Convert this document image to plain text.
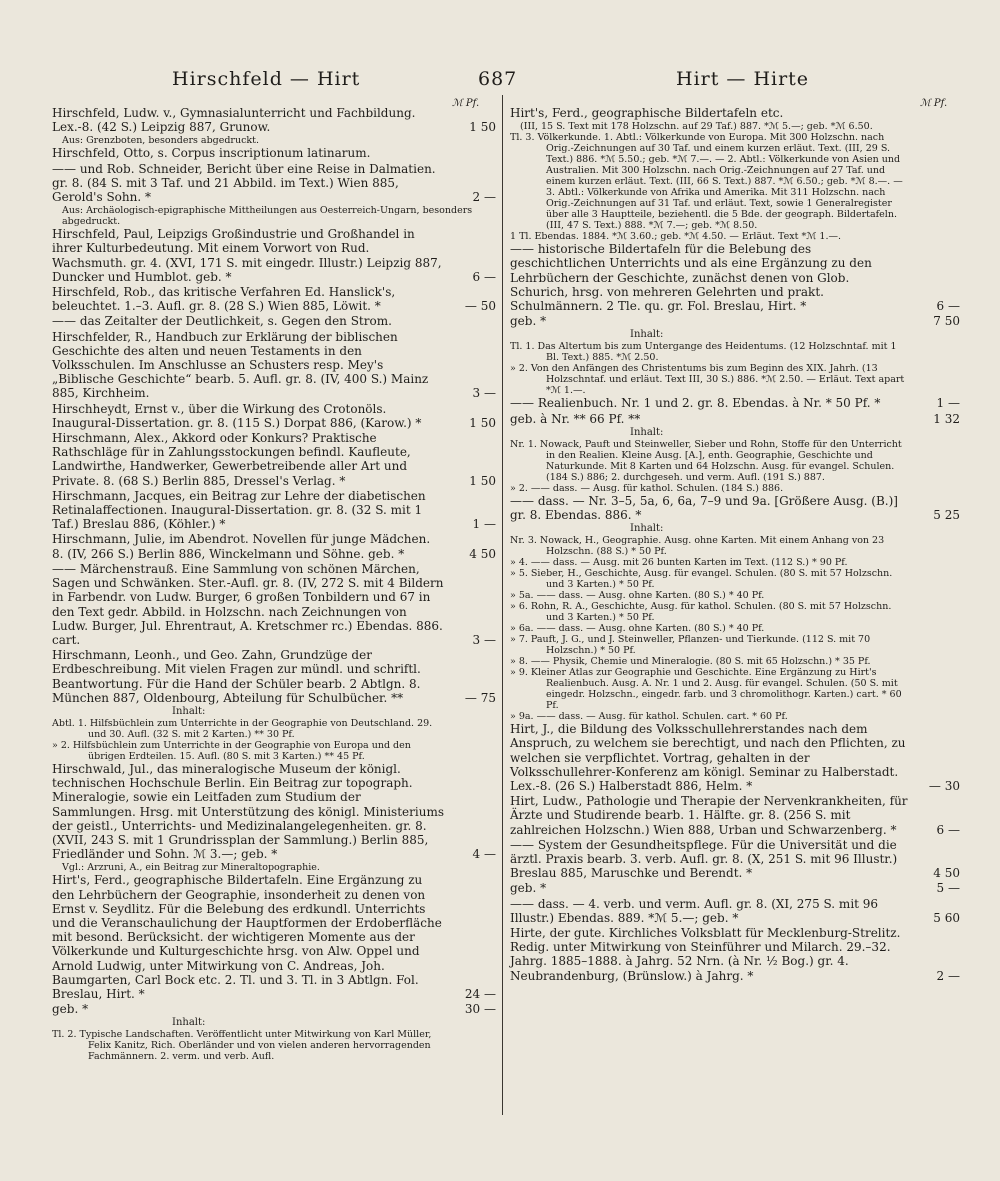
Hirschfeld — Hirt	687	Hirt — Hirte
ℳ Pf.	ℳ Pf.
Hirschfeld, Ludw. v., Gymnasialunterricht und Fachbildung. Lex.-8. (42 S.) Leipzig 887, Grunow.	1 50
Aus: Grenzboten, besonders abgedruckt.
Hirschfeld, Otto, s. Corpus inscriptionum latinarum.
—— und Rob. Schneider, Bericht über eine Reise in Dalmatien. gr. 8. (84 S. mit 3 Taf. und 21 Abbild. im Text.) Wien 885, Gerold's Sohn. *	2 —
Aus: Archäologisch-epigraphische Mittheilungen aus Oesterreich-Ungarn, besonders abgedruckt.
Hirschfeld, Paul, Leipzigs Großindustrie und Großhandel in ihrer Kulturbedeutung. Mit einem Vorwort von Rud. Wachsmuth. gr. 4. (XVI, 171 S. mit eingedr. Illustr.) Leipzig 887, Duncker und Humblot. geb. *	6 —
Hirschfeld, Rob., das kritische Verfahren Ed. Hanslick's, beleuchtet. 1.–3. Aufl. gr. 8. (28 S.) Wien 885, Löwit. *	— 50
—— das Zeitalter der Deutlichkeit, s. Gegen den Strom.
Hirschfelder, R., Handbuch zur Erklärung der biblischen Geschichte des alten und neuen Testaments in den Volksschulen. Im Anschlusse an Schusters resp. Mey's „Biblische Geschichte“ bearb. 5. Aufl. gr. 8. (IV, 400 S.) Mainz 885, Kirchheim.	3 —
Hirschheydt, Ernst v., über die Wirkung des Crotonöls. Inaugural-Dissertation. gr. 8. (115 S.) Dorpat 886, (Karow.) *	1 50
Hirschmann, Alex., Akkord oder Konkurs? Praktische Rathschläge für in Zahlungsstockungen befindl. Kaufleute, Landwirthe, Handwerker, Gewerbetreibende aller Art und Private. 8. (68 S.) Berlin 885, Dressel's Verlag. *	1 50
Hirschmann, Jacques, ein Beitrag zur Lehre der diabetischen Retinalaffectionen. Inaugural-Dissertation. gr. 8. (32 S. mit 1 Taf.) Breslau 886, (Köhler.) *	1 —
Hirschmann, Julie, im Abendrot. Novellen für junge Mädchen. 8. (IV, 266 S.) Berlin 886, Winckelmann und Söhne. geb. *	4 50
—— Märchenstrauß. Eine Sammlung von schönen Märchen, Sagen und Schwänken. Ster.-Aufl. gr. 8. (IV, 272 S. mit 4 Bildern in Farbendr. von Ludw. Burger, 6 großen Tonbildern und 67 in den Text gedr. Abbild. in Holzschn. nach Zeichnungen von Ludw. Burger, Jul. Ehrentraut, A. Kretschmer rc.) Ebendas. 886. cart.	3 —
Hirschmann, Leonh., und Geo. Zahn, Grundzüge der Erdbeschreibung. Mit vielen Fragen zur mündl. und schriftl. Beantwortung. Für die Hand der Schüler bearb. 2 Abtlgn. 8. München 887, Oldenbourg, Abteilung für Schulbücher. **	— 75
Inhalt:
Abtl. 1. Hilfsbüchlein zum Unterrichte in der Geographie von Deutschland. 29. und 30. Aufl. (32 S. mit 2 Karten.) ** 30 Pf.
» 2. Hilfsbüchlein zum Unterrichte in der Geographie von Europa und den übrigen Erdteilen. 15. Aufl. (80 S. mit 3 Karten.) ** 45 Pf.
Hirschwald, Jul., das mineralogische Museum der königl. technischen Hochschule Berlin. Ein Beitrag zur topograph. Mineralogie, sowie ein Leitfaden zum Studium der Sammlungen. Hrsg. mit Unterstützung des königl. Ministeriums der geistl., Unterrichts- und Medizinalangelegenheiten. gr. 8. (XVII, 243 S. mit 1 Grundrissplan der Sammlung.) Berlin 885, Friedländer und Sohn. ℳ 3.—; geb. *	4 —
Vgl.: Arzruni, A., ein Beitrag zur Mineraltopographie.
Hirt's, Ferd., geographische Bildertafeln. Eine Ergänzung zu den Lehrbüchern der Geographie, insonderheit zu denen von Ernst v. Seydlitz. Für die Belebung des erdkundl. Unterrichts und die Veranschaulichung der Hauptformen der Erdoberfläche mit besond. Berücksicht. der wichtigeren Momente aus der Völkerkunde und Kulturgeschichte hrsg. von Alw. Oppel und Arnold Ludwig, unter Mitwirkung von C. Andreas, Joh. Baumgarten, Carl Bock etc. 2. Tl. und 3. Tl. in 3 Abtlgn. Fol. Breslau, Hirt. *	24 —
geb. *	30 —
Inhalt:
Tl. 2. Typische Landschaften. Veröffentlicht unter Mitwirkung von Karl Müller, Felix Kanitz, Rich. Oberländer und von vielen anderen hervorragenden Fachmännern. 2. verm. und verb. Aufl.
Hirt's, Ferd., geographische Bildertafeln etc.
(III, 15 S. Text mit 178 Holzschn. auf 29 Taf.) 887. *ℳ 5.—; geb. *ℳ 6.50.
Tl. 3. Völkerkunde. 1. Abtl.: Völkerkunde von Europa. Mit 300 Holzschn. nach Orig.-Zeichnungen auf 30 Taf. und einem kurzen erläut. Text. (III, 29 S. Text.) 886. *ℳ 5.50.; geb. *ℳ 7.—. — 2. Abtl.: Völkerkunde von Asien und Australien. Mit 300 Holzschn. nach Orig.-Zeichnungen auf 27 Taf. und einem kurzen erläut. Text. (III, 66 S. Text.) 887. *ℳ 6.50.; geb. *ℳ 8.—. — 3. Abtl.: Völkerkunde von Afrika und Amerika. Mit 311 Holzschn. nach Orig.-Zeichnungen auf 31 Taf. und erläut. Text, sowie 1 Generalregister über alle 3 Hauptteile, beziehentl. die 5 Bde. der geograph. Bildertafeln. (III, 47 S. Text.) 888. *ℳ 7.—; geb. *ℳ 8.50.
1 Tl. Ebendas. 1884. *ℳ 3.60.; geb. *ℳ 4.50. — Erläut. Text *ℳ 1.—.
—— historische Bildertafeln für die Belebung des geschichtlichen Unterrichts und als eine Ergänzung zu den Lehrbüchern der Geschichte, zunächst denen von Glob. Schurich, hrsg. von mehreren Gelehrten und prakt. Schulmännern. 2 Tle. qu. gr. Fol. Breslau, Hirt. *	6 —
geb. *	7 50
Inhalt:
Tl. 1. Das Altertum bis zum Untergange des Heidentums. (12 Holzschntaf. mit 1 Bl. Text.) 885. *ℳ 2.50.
» 2. Von den Anfängen des Christentums bis zum Beginn des XIX. Jahrh. (13 Holzschntaf. und erläut. Text III, 30 S.) 886. *ℳ 2.50. — Erläut. Text apart *ℳ 1.—.
—— Realienbuch. Nr. 1 und 2. gr. 8. Ebendas. à Nr. * 50 Pf. *	1 —
geb. à Nr. ** 66 Pf. **	1 32
Inhalt:
Nr. 1. Nowack, Pauft und Steinweller, Sieber und Rohn, Stoffe für den Unterricht in den Realien. Kleine Ausg. [A.], enth. Geographie, Geschichte und Naturkunde. Mit 8 Karten und 64 Holzschn. Ausg. für evangel. Schulen. (184 S.) 886; 2. durchgeseh. und verm. Aufl. (191 S.) 887.
» 2. —— dass. — Ausg. für kathol. Schulen. (184 S.) 886.
—— dass. — Nr. 3–5, 5a, 6, 6a, 7–9 und 9a. [Größere Ausg. (B.)] gr. 8. Ebendas. 886. *	5 25
Inhalt:
Nr. 3. Nowack, H., Geographie. Ausg. ohne Karten. Mit einem Anhang von 23 Holzschn. (88 S.) * 50 Pf.
» 4. —— dass. — Ausg. mit 26 bunten Karten im Text. (112 S.) * 90 Pf.
» 5. Sieber, H., Geschichte, Ausg. für evangel. Schulen. (80 S. mit 57 Holzschn. und 3 Karten.) * 50 Pf.
» 5a. —— dass. — Ausg. ohne Karten. (80 S.) * 40 Pf.
» 6. Rohn, R. A., Geschichte, Ausg. für kathol. Schulen. (80 S. mit 57 Holzschn. und 3 Karten.) * 50 Pf.
» 6a. —— dass. — Ausg. ohne Karten. (80 S.) * 40 Pf.
» 7. Pauft, J. G., und J. Steinweller, Pflanzen- und Tierkunde. (112 S. mit 70 Holzschn.) * 50 Pf.
» 8. —— Physik, Chemie und Mineralogie. (80 S. mit 65 Holzschn.) * 35 Pf.
» 9. Kleiner Atlas zur Geographie und Geschichte. Eine Ergänzung zu Hirt's Realienbuch. Ausg. A. Nr. 1 und 2. Ausg. für evangel. Schulen. (50 S. mit eingedr. Holzschn., eingedr. farb. und 3 chromolithogr. Karten.) cart. * 60 Pf.
» 9a. —— dass. — Ausg. für kathol. Schulen. cart. * 60 Pf.
Hirt, J., die Bildung des Volksschullehrerstandes nach dem Anspruch, zu welchem sie berechtigt, und nach den Pflichten, zu welchen sie verpflichtet. Vortrag, gehalten in der Volksschullehrer-Konferenz am königl. Seminar zu Halberstadt. Lex.-8. (26 S.) Halberstadt 886, Helm. *	— 30
Hirt, Ludw., Pathologie und Therapie der Nervenkrankheiten, für Ärzte und Studirende bearb. 1. Hälfte. gr. 8. (256 S. mit zahlreichen Holzschn.) Wien 888, Urban und Schwarzenberg. *	6 —
—— System der Gesundheitspflege. Für die Universität und die ärztl. Praxis bearb. 3. verb. Aufl. gr. 8. (X, 251 S. mit 96 Illustr.) Breslau 885, Maruschke und Berendt. *	4 50
geb. *	5 —
—— dass. — 4. verb. und verm. Aufl. gr. 8. (XI, 275 S. mit 96 Illustr.) Ebendas. 889. *ℳ 5.—; geb. *	5 60
Hirte, der gute. Kirchliches Volksblatt für Mecklenburg-Strelitz. Redig. unter Mitwirkung von Steinführer und Milarch. 29.–32. Jahrg. 1885–1888. à Jahrg. 52 Nrn. (à Nr. ½ Bog.) gr. 4. Neubrandenburg, (Brünslow.) à Jahrg. *	2 —
